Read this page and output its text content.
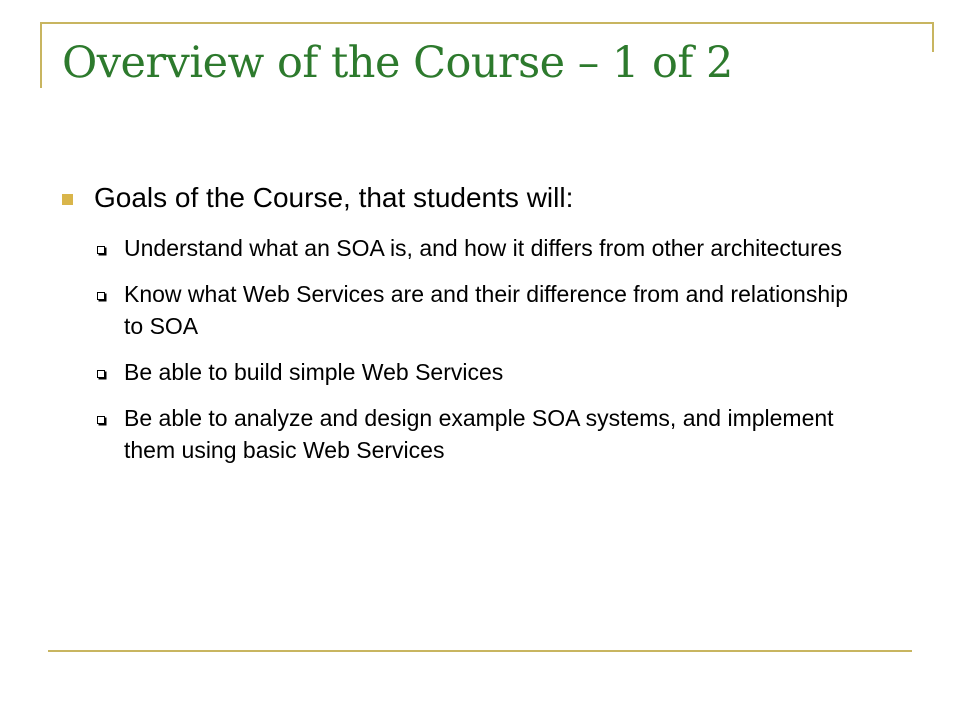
Overview of the Course – 1 of 2
Goals of the Course, that students will:
Understand what an SOA is, and how it differs from other architectures
Know what Web Services are and their difference from and relationship to SOA
Be able to build simple Web Services
Be able to analyze and design example SOA systems, and implement them using basic Web Services
